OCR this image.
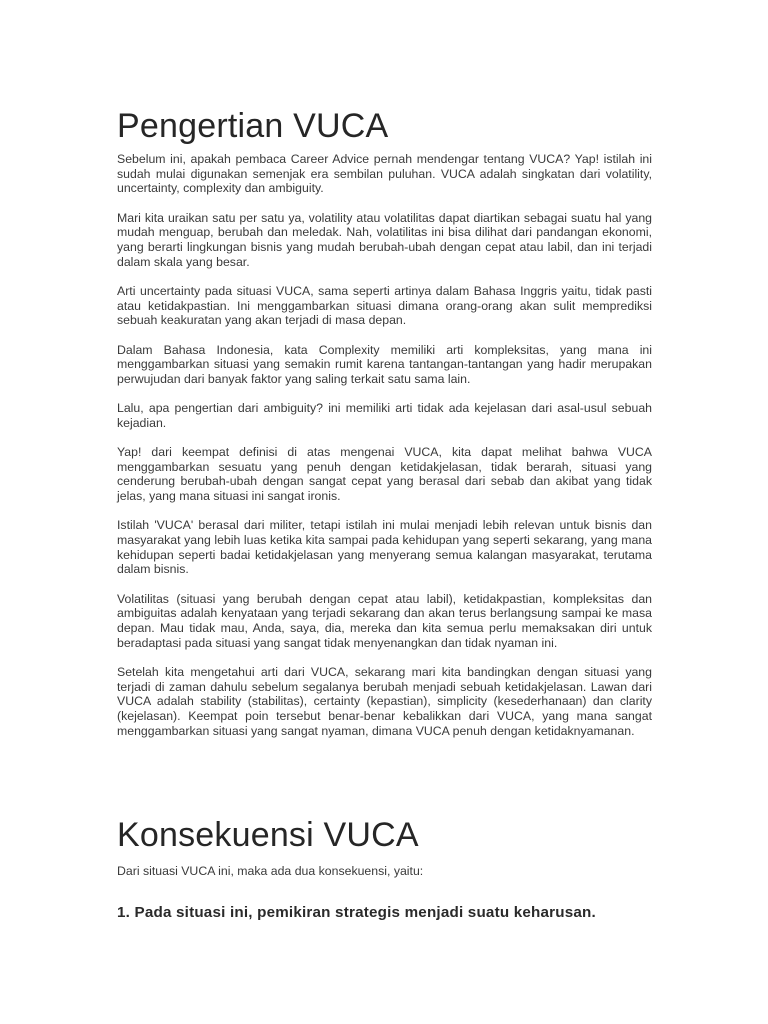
Pengertian VUCA

Sebelum ini, apakah pembaca Career Advice pernah mendengar tentang VUCA? Yap! istilah ini sudah mulai digunakan semenjak era sembilan puluhan. VUCA adalah singkatan dari volatility, uncertainty, complexity dan ambiguity.

Mari kita uraikan satu per satu ya, volatility atau volatilitas dapat diartikan sebagai suatu hal yang mudah menguap, berubah dan meledak. Nah, volatilitas ini bisa dilihat dari pandangan ekonomi, yang berarti lingkungan bisnis yang mudah berubah-ubah dengan cepat atau labil, dan ini terjadi dalam skala yang besar.

Arti uncertainty pada situasi VUCA, sama seperti artinya dalam Bahasa Inggris yaitu, tidak pasti atau ketidakpastian. Ini menggambarkan situasi dimana orang-orang akan sulit memprediksi sebuah keakuratan yang akan terjadi di masa depan.

Dalam Bahasa Indonesia, kata Complexity memiliki arti kompleksitas, yang mana ini menggambarkan situasi yang semakin rumit karena tantangan-tantangan yang hadir merupakan perwujudan dari banyak faktor yang saling terkait satu sama lain.

Lalu, apa pengertian dari ambiguity? ini memiliki arti tidak ada kejelasan dari asal-usul sebuah kejadian.

Yap! dari keempat definisi di atas mengenai VUCA, kita dapat melihat bahwa VUCA menggambarkan sesuatu yang penuh dengan ketidakjelasan, tidak berarah, situasi yang cenderung berubah-ubah dengan sangat cepat yang berasal dari sebab dan akibat yang tidak jelas, yang mana situasi ini sangat ironis.

Istilah 'VUCA' berasal dari militer, tetapi istilah ini mulai menjadi lebih relevan untuk bisnis dan masyarakat yang lebih luas ketika kita sampai pada kehidupan yang seperti sekarang, yang mana kehidupan seperti badai ketidakjelasan yang menyerang semua kalangan masyarakat, terutama dalam bisnis.

Volatilitas (situasi yang berubah dengan cepat atau labil), ketidakpastian, kompleksitas dan ambiguitas adalah kenyataan yang terjadi sekarang dan akan terus berlangsung sampai ke masa depan. Mau tidak mau, Anda, saya, dia, mereka dan kita semua perlu memaksakan diri untuk beradaptasi pada situasi yang sangat tidak menyenangkan dan tidak nyaman ini.

Setelah kita mengetahui arti dari VUCA, sekarang mari kita bandingkan dengan situasi yang terjadi di zaman dahulu sebelum segalanya berubah menjadi sebuah ketidakjelasan. Lawan dari VUCA adalah stability (stabilitas), certainty (kepastian), simplicity (kesederhanaan) dan clarity (kejelasan). Keempat poin tersebut benar-benar kebalikkan dari VUCA, yang mana sangat menggambarkan situasi yang sangat nyaman, dimana VUCA penuh dengan ketidaknyamanan.

Konsekuensi VUCA

Dari situasi VUCA ini, maka ada dua konsekuensi, yaitu:

1. Pada situasi ini, pemikiran strategis menjadi suatu keharusan.
